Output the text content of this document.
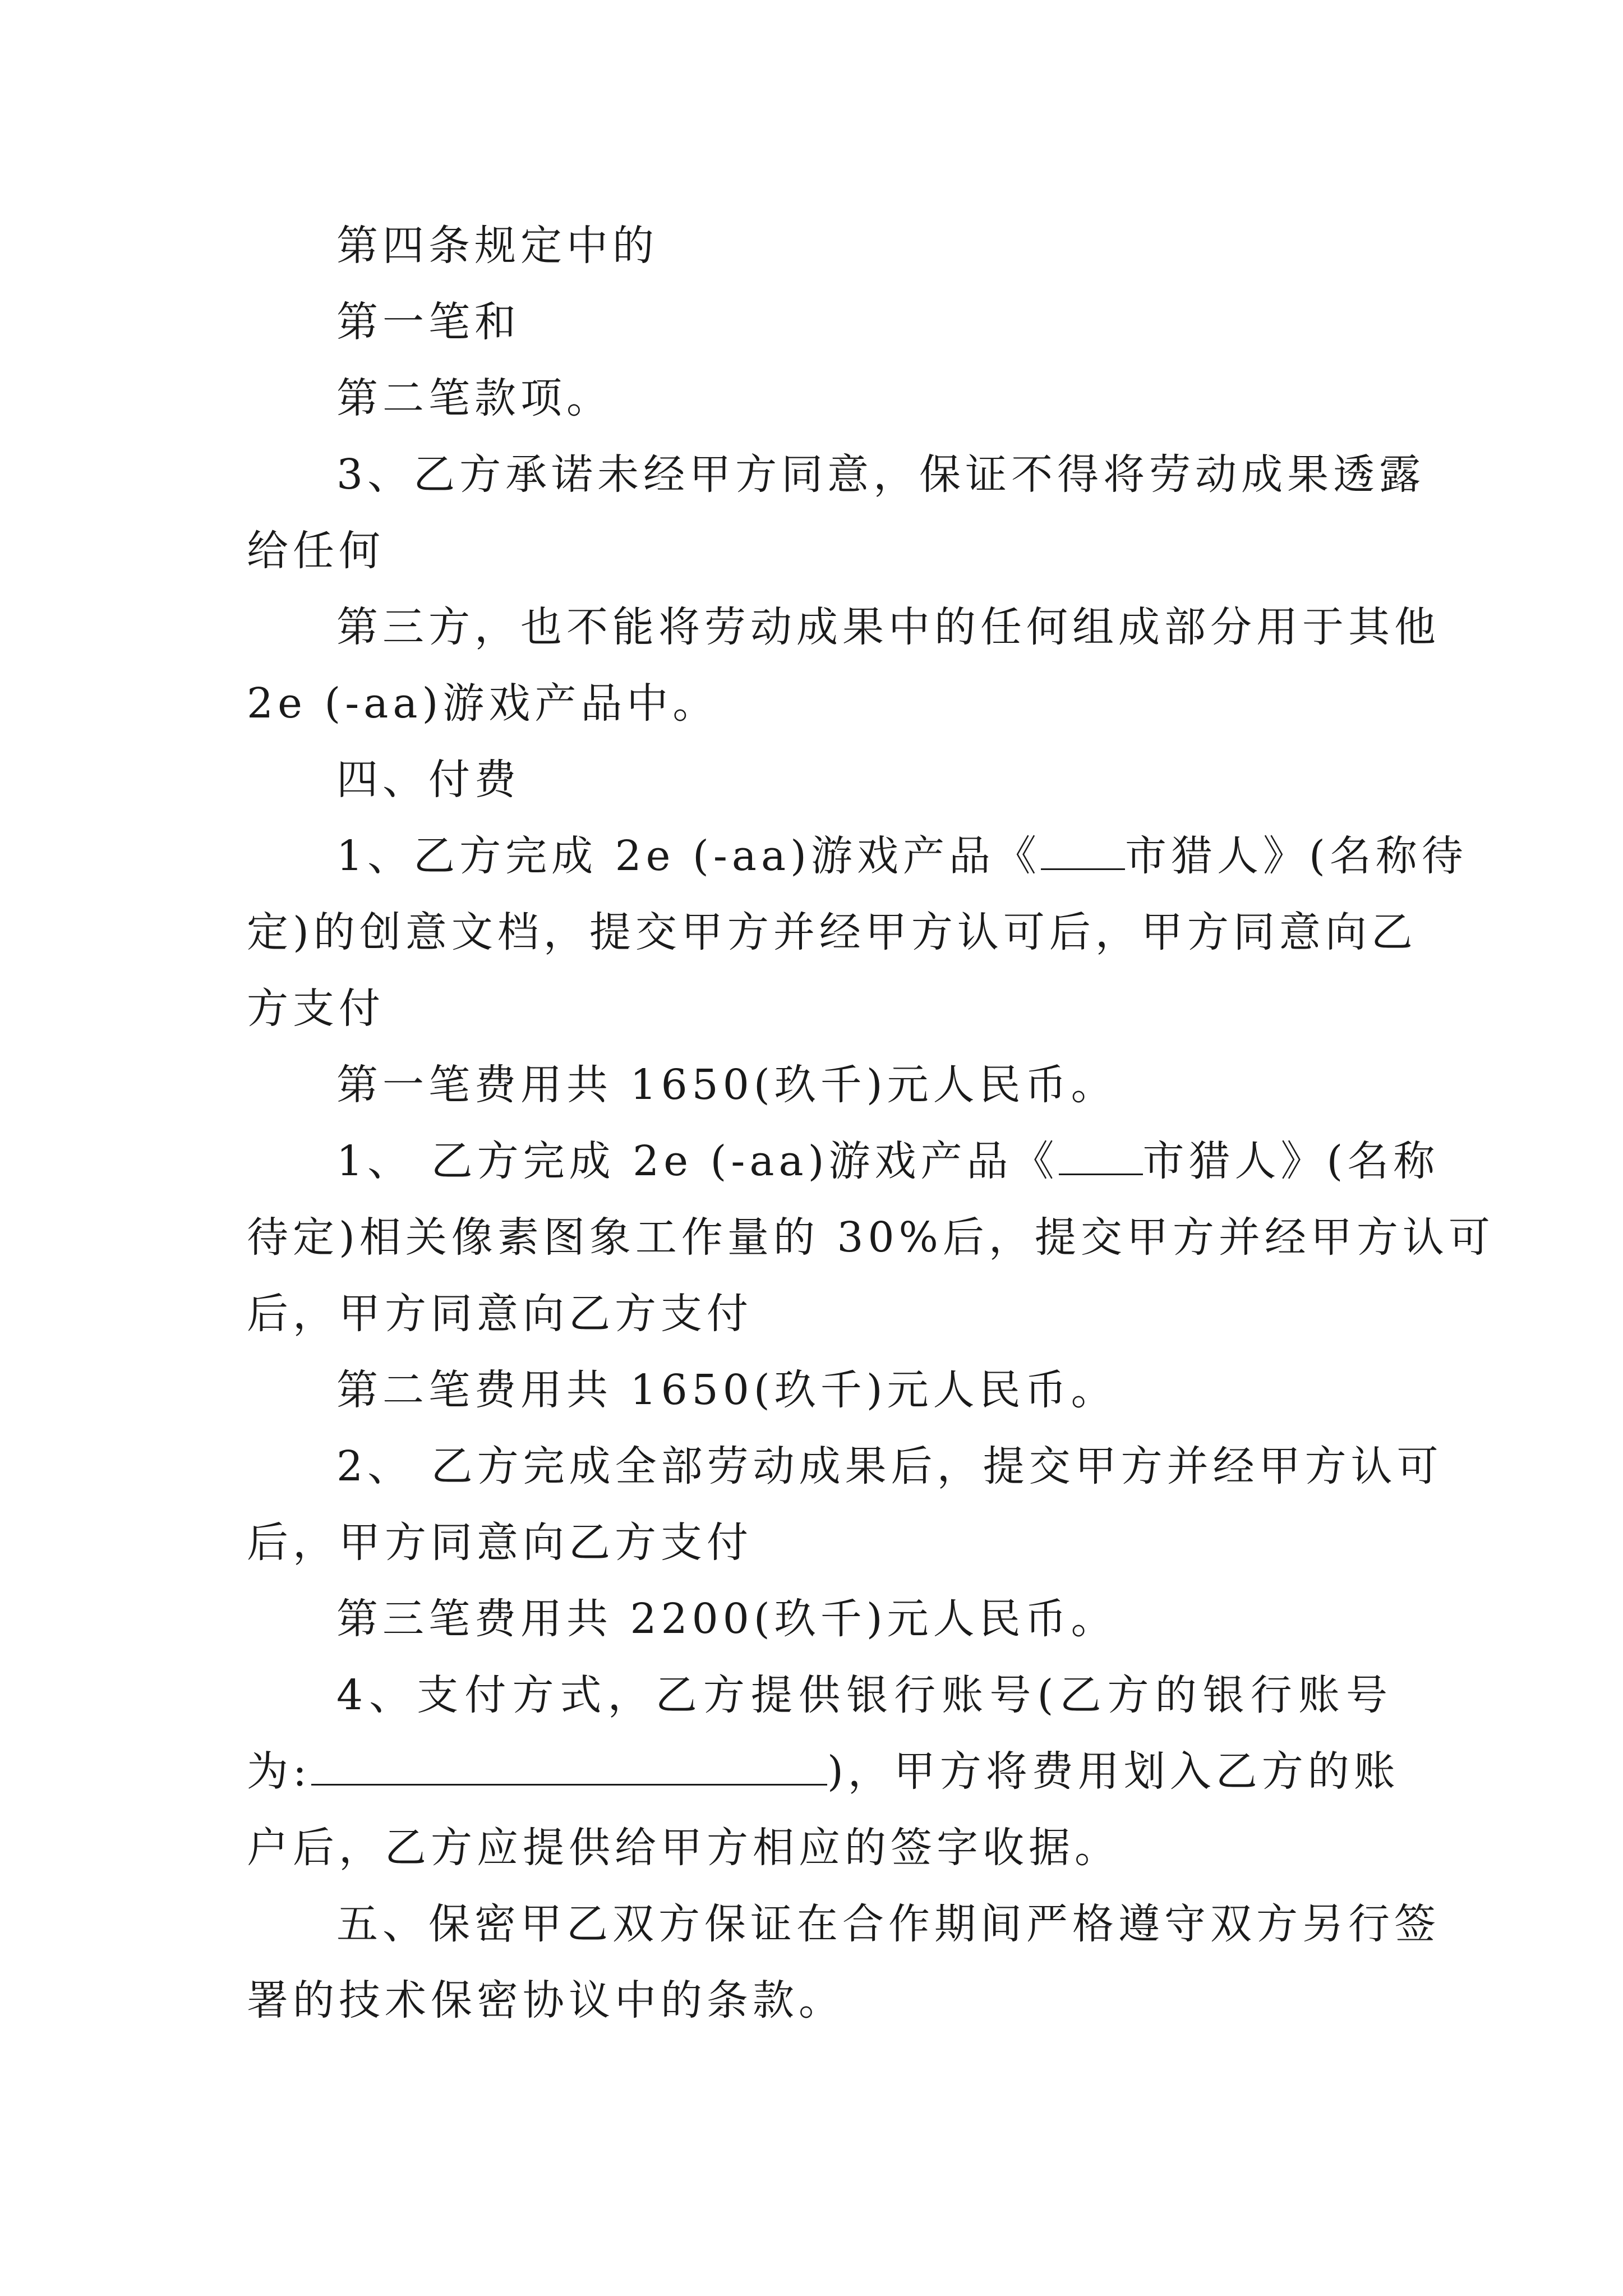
第四条规定中的
第一笔和
第二笔款项。
3、乙方承诺未经甲方同意，保证不得将劳动成果透露
给任何
第三方，也不能将劳动成果中的任何组成部分用于其他
2e (-aa)游戏产品中。
四、付费
1、乙方完成 2e (-aa)游戏产品《 市猎人》(名称待
定)的创意文档，提交甲方并经甲方认可后，甲方同意向乙
方支付
第一笔费用共 1650(玖千)元人民币。
1、 乙方完成 2e (-aa)游戏产品《 市猎人》(名称
待定)相关像素图象工作量的 30%后，提交甲方并经甲方认可
后，甲方同意向乙方支付
第二笔费用共 1650(玖千)元人民币。
2、 乙方完成全部劳动成果后，提交甲方并经甲方认可
后，甲方同意向乙方支付
第三笔费用共 2200(玖千)元人民币。
4、支付方式，乙方提供银行账号(乙方的银行账号
为:	)，甲方将费用划入乙方的账
户后，乙方应提供给甲方相应的签字收据。
五、保密甲乙双方保证在合作期间严格遵守双方另行签
署的技术保密协议中的条款。
